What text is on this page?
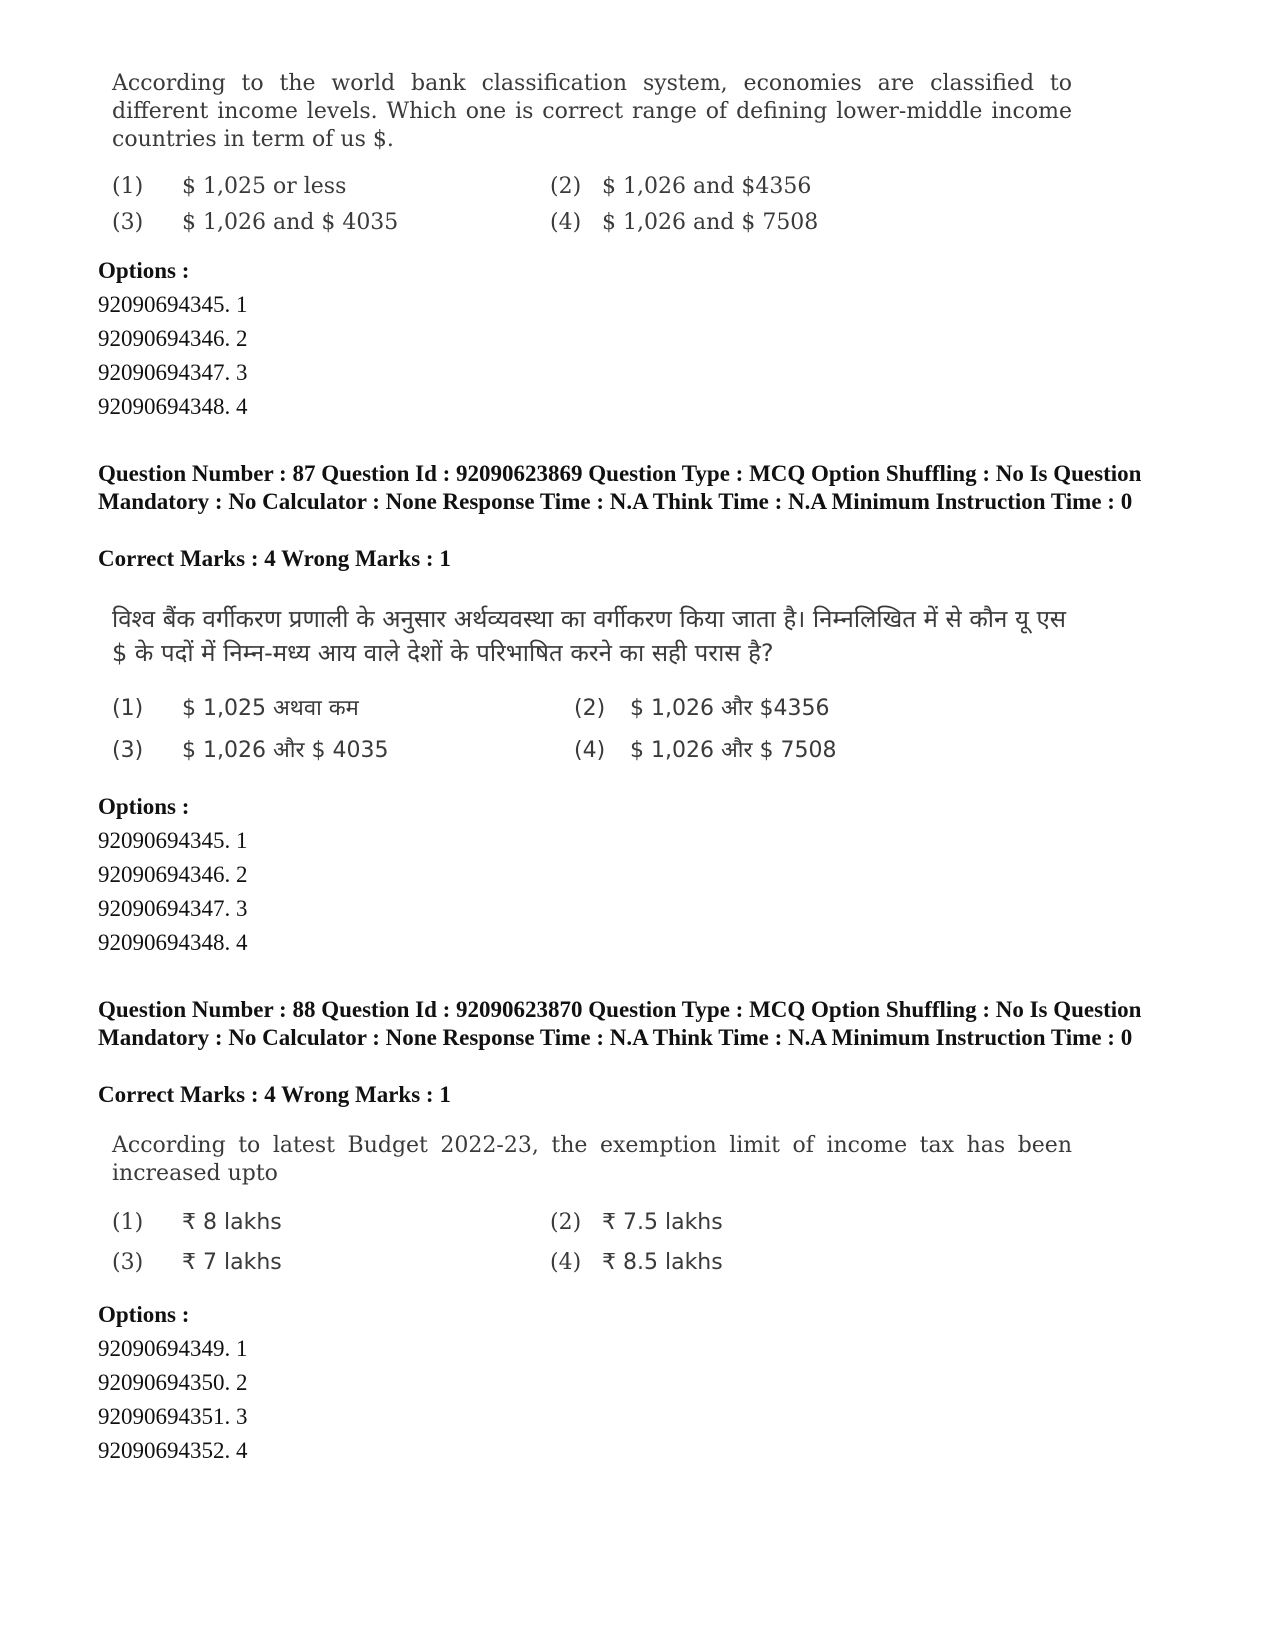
According to the world bank classification system, economies are classified to different income levels. Which one is correct range of defining lower-middle income countries in term of us $.

(1) $ 1,025 or less	(2) $ 1,026 and $4356
(3) $ 1,026 and $ 4035	(4) $ 1,026 and $ 7508
Options :
92090694345. 1
92090694346. 2
92090694347. 3
92090694348. 4
Question Number : 87 Question Id : 92090623869 Question Type : MCQ Option Shuffling : No Is Question Mandatory : No Calculator : None Response Time : N.A Think Time : N.A Minimum Instruction Time : 0
Correct Marks : 4 Wrong Marks : 1

विश्व बैंक वर्गीकरण प्रणाली के अनुसार अर्थव्यवस्था का वर्गीकरण किया जाता है। निम्नलिखित में से कौन यू एस $ के पदों में निम्न-मध्य आय वाले देशों के परिभाषित करने का सही परास है?

(1) $ 1,025 अथवा कम	(2) $ 1,026 और $4356
(3) $ 1,026 और $ 4035	(4) $ 1,026 और $ 7508
Options :
92090694345. 1
92090694346. 2
92090694347. 3
92090694348. 4
Question Number : 88 Question Id : 92090623870 Question Type : MCQ Option Shuffling : No Is Question Mandatory : No Calculator : None Response Time : N.A Think Time : N.A Minimum Instruction Time : 0
Correct Marks : 4 Wrong Marks : 1

According to latest Budget 2022-23, the exemption limit of income tax has been increased upto

(1) ₹ 8 lakhs	(2) ₹ 7.5 lakhs
(3) ₹ 7 lakhs	(4) ₹ 8.5 lakhs
Options :
92090694349. 1
92090694350. 2
92090694351. 3
92090694352. 4
